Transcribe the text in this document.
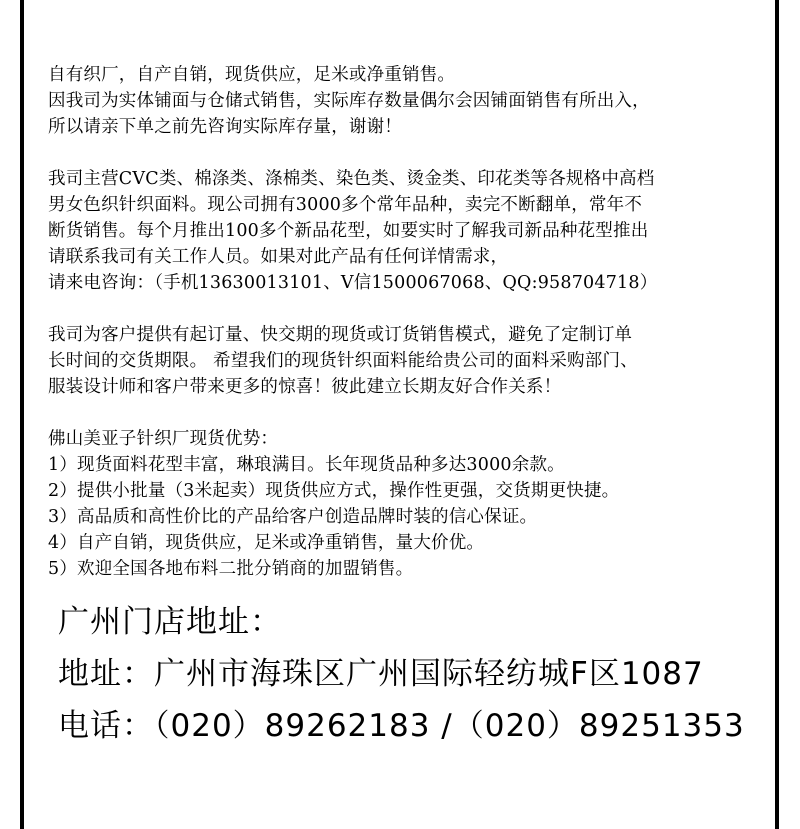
自有织厂，自产自销，现货供应，足米或净重销售。
因我司为实体铺面与仓储式销售，实际库存数量偶尔会因铺面销售有所出入，
所以请亲下单之前先咨询实际库存量，谢谢！
我司主营CVC类、棉涤类、涤棉类、染色类、烫金类、印花类等各规格中高档
男女色织针织面料。现公司拥有3000多个常年品种，卖完不断翻单，常年不
断货销售。每个月推出100多个新品花型，如要实时了解我司新品种花型推出
请联系我司有关工作人员。如果对此产品有任何详情需求，
请来电咨询：（手机13630013101、V信1500067068、QQ:958704718）
我司为客户提供有起订量、快交期的现货或订货销售模式，避免了定制订单
长时间的交货期限。 希望我们的现货针织面料能给贵公司的面料采购部门、
服装设计师和客户带来更多的惊喜！彼此建立长期友好合作关系！
佛山美亚子针织厂现货优势：
1）现货面料花型丰富，琳琅满目。长年现货品种多达3000余款。
2）提供小批量（3米起卖）现货供应方式，操作性更强，交货期更快捷。
3）高品质和高性价比的产品给客户创造品牌时装的信心保证。
4）自产自销，现货供应，足米或净重销售，量大价优。
5）欢迎全国各地布料二批分销商的加盟销售。
广州门店地址：
地址：广州市海珠区广州国际轻纺城F区1087
电话：（020）89262183 /（020）89251353
